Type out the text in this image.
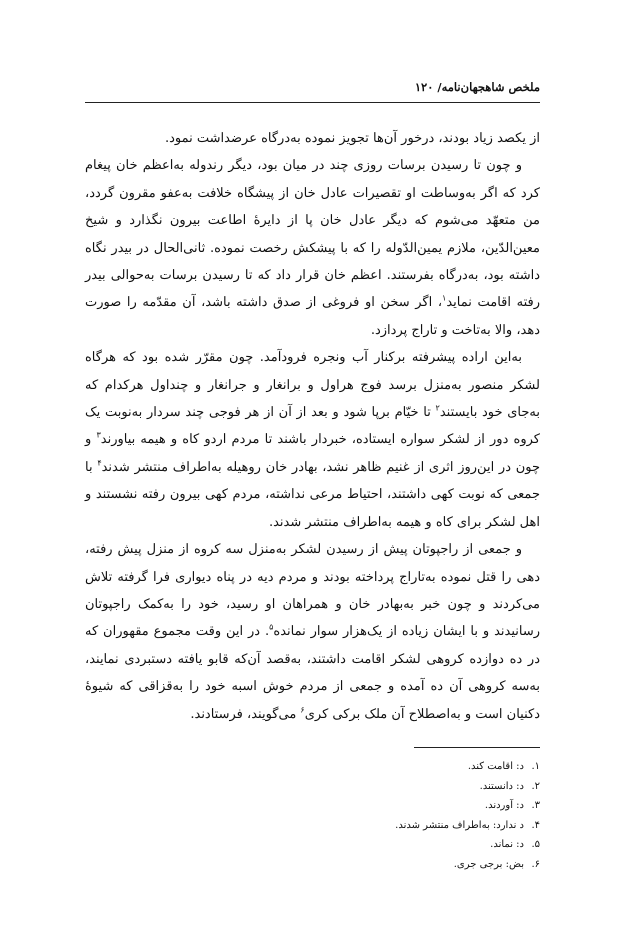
ملخص شاهجهان‌نامه/ ۱۲۰

از یکصد زیاد بودند، درخور آن‌ها تجویز نموده به‌درگاه عرضداشت نمود.

و چون تا رسیدن برسات روزی چند در میان بود، دیگر رندوله به‌اعظم خان پیغام کرد که اگر به‌وساطت او تقصیرات عادل خان از پیشگاه خلافت به‌عفو مقرون گردد، من متعهّد می‌شوم که دیگر عادل خان پا از دایرهٔ اطاعت بیرون نگذارد و شیخ معین‌الدّین، ملازم یمین‌الدّوله را که با پیشکش رخصت نموده. ثانی‌الحال در بیدر نگاه داشته بود، به‌درگاه بفرستند. اعظم خان قرار داد که تا رسیدن برسات به‌حوالی بیدر رفته اقامت نماید$^۱$، اگر سخن او فروغی از صدق داشته باشد، آن مقدّمه را صورت دهد، والا به‌تاخت و تاراج پردازد.

به‌این اراده پیشرفته برکنار آب ونجره فرودآمد. چون مقرّر شده بود که هرگاه لشکر منصور به‌منزل برسد فوج هراول و برانغار و جرانغار و چنداول هرکدام که به‌جای خود بایستند$^۲$ تا خیّام برپا شود و بعد از آن از هر فوجی چند سردار به‌نوبت یک کروه دور از لشکر سواره ایستاده، خبردار باشند تا مردم اردو کاه و هیمه بیاورند$^۳$ و چون در این‌روز اثری از غنیم ظاهر نشد، بهادر خان روهیله به‌اطراف منتشر شدند$^۴$ با جمعی که نوبت کهی داشتند، احتیاط مرعی نداشته، مردم کهی بیرون رفته نشستند و اهل لشکر برای کاه و هیمه به‌اطراف منتشر شدند.

و جمعی از راجپوتان پیش از رسیدن لشکر به‌منزل سه کروه از منزل پیش رفته، دهی را قتل نموده به‌تاراج پرداخته بودند و مردم دیه در پناه دیواری فرا گرفته تلاش می‌کردند و چون خبر به‌بهادر خان و همراهان او رسید، خود را به‌کمک راجپوتان رسانیدند و با ایشان زیاده از یک‌هزار سوار نمانده$^۵$. در این وقت مجموع مقهوران که در ده دوازده کروهی لشکر اقامت داشتند، به‌قصد آن‌که قابو یافته دستبردی نمایند، به‌سه کروهی آن ده آمده و جمعی از مردم خوش اسبه خود را به‌قزاقی که شیوهٔ دکنیان است و به‌اصطلاح آن ملک برکی کری$^۶$ می‌گویند، فرستادند.

۱.د: اقامت کند.
۲.د: دانستند.
۳.د: آوردند.
۴.د ندارد: به‌اطراف منتشر شدند.
۵.د: نماند.
۶.بض: برجی جری.
